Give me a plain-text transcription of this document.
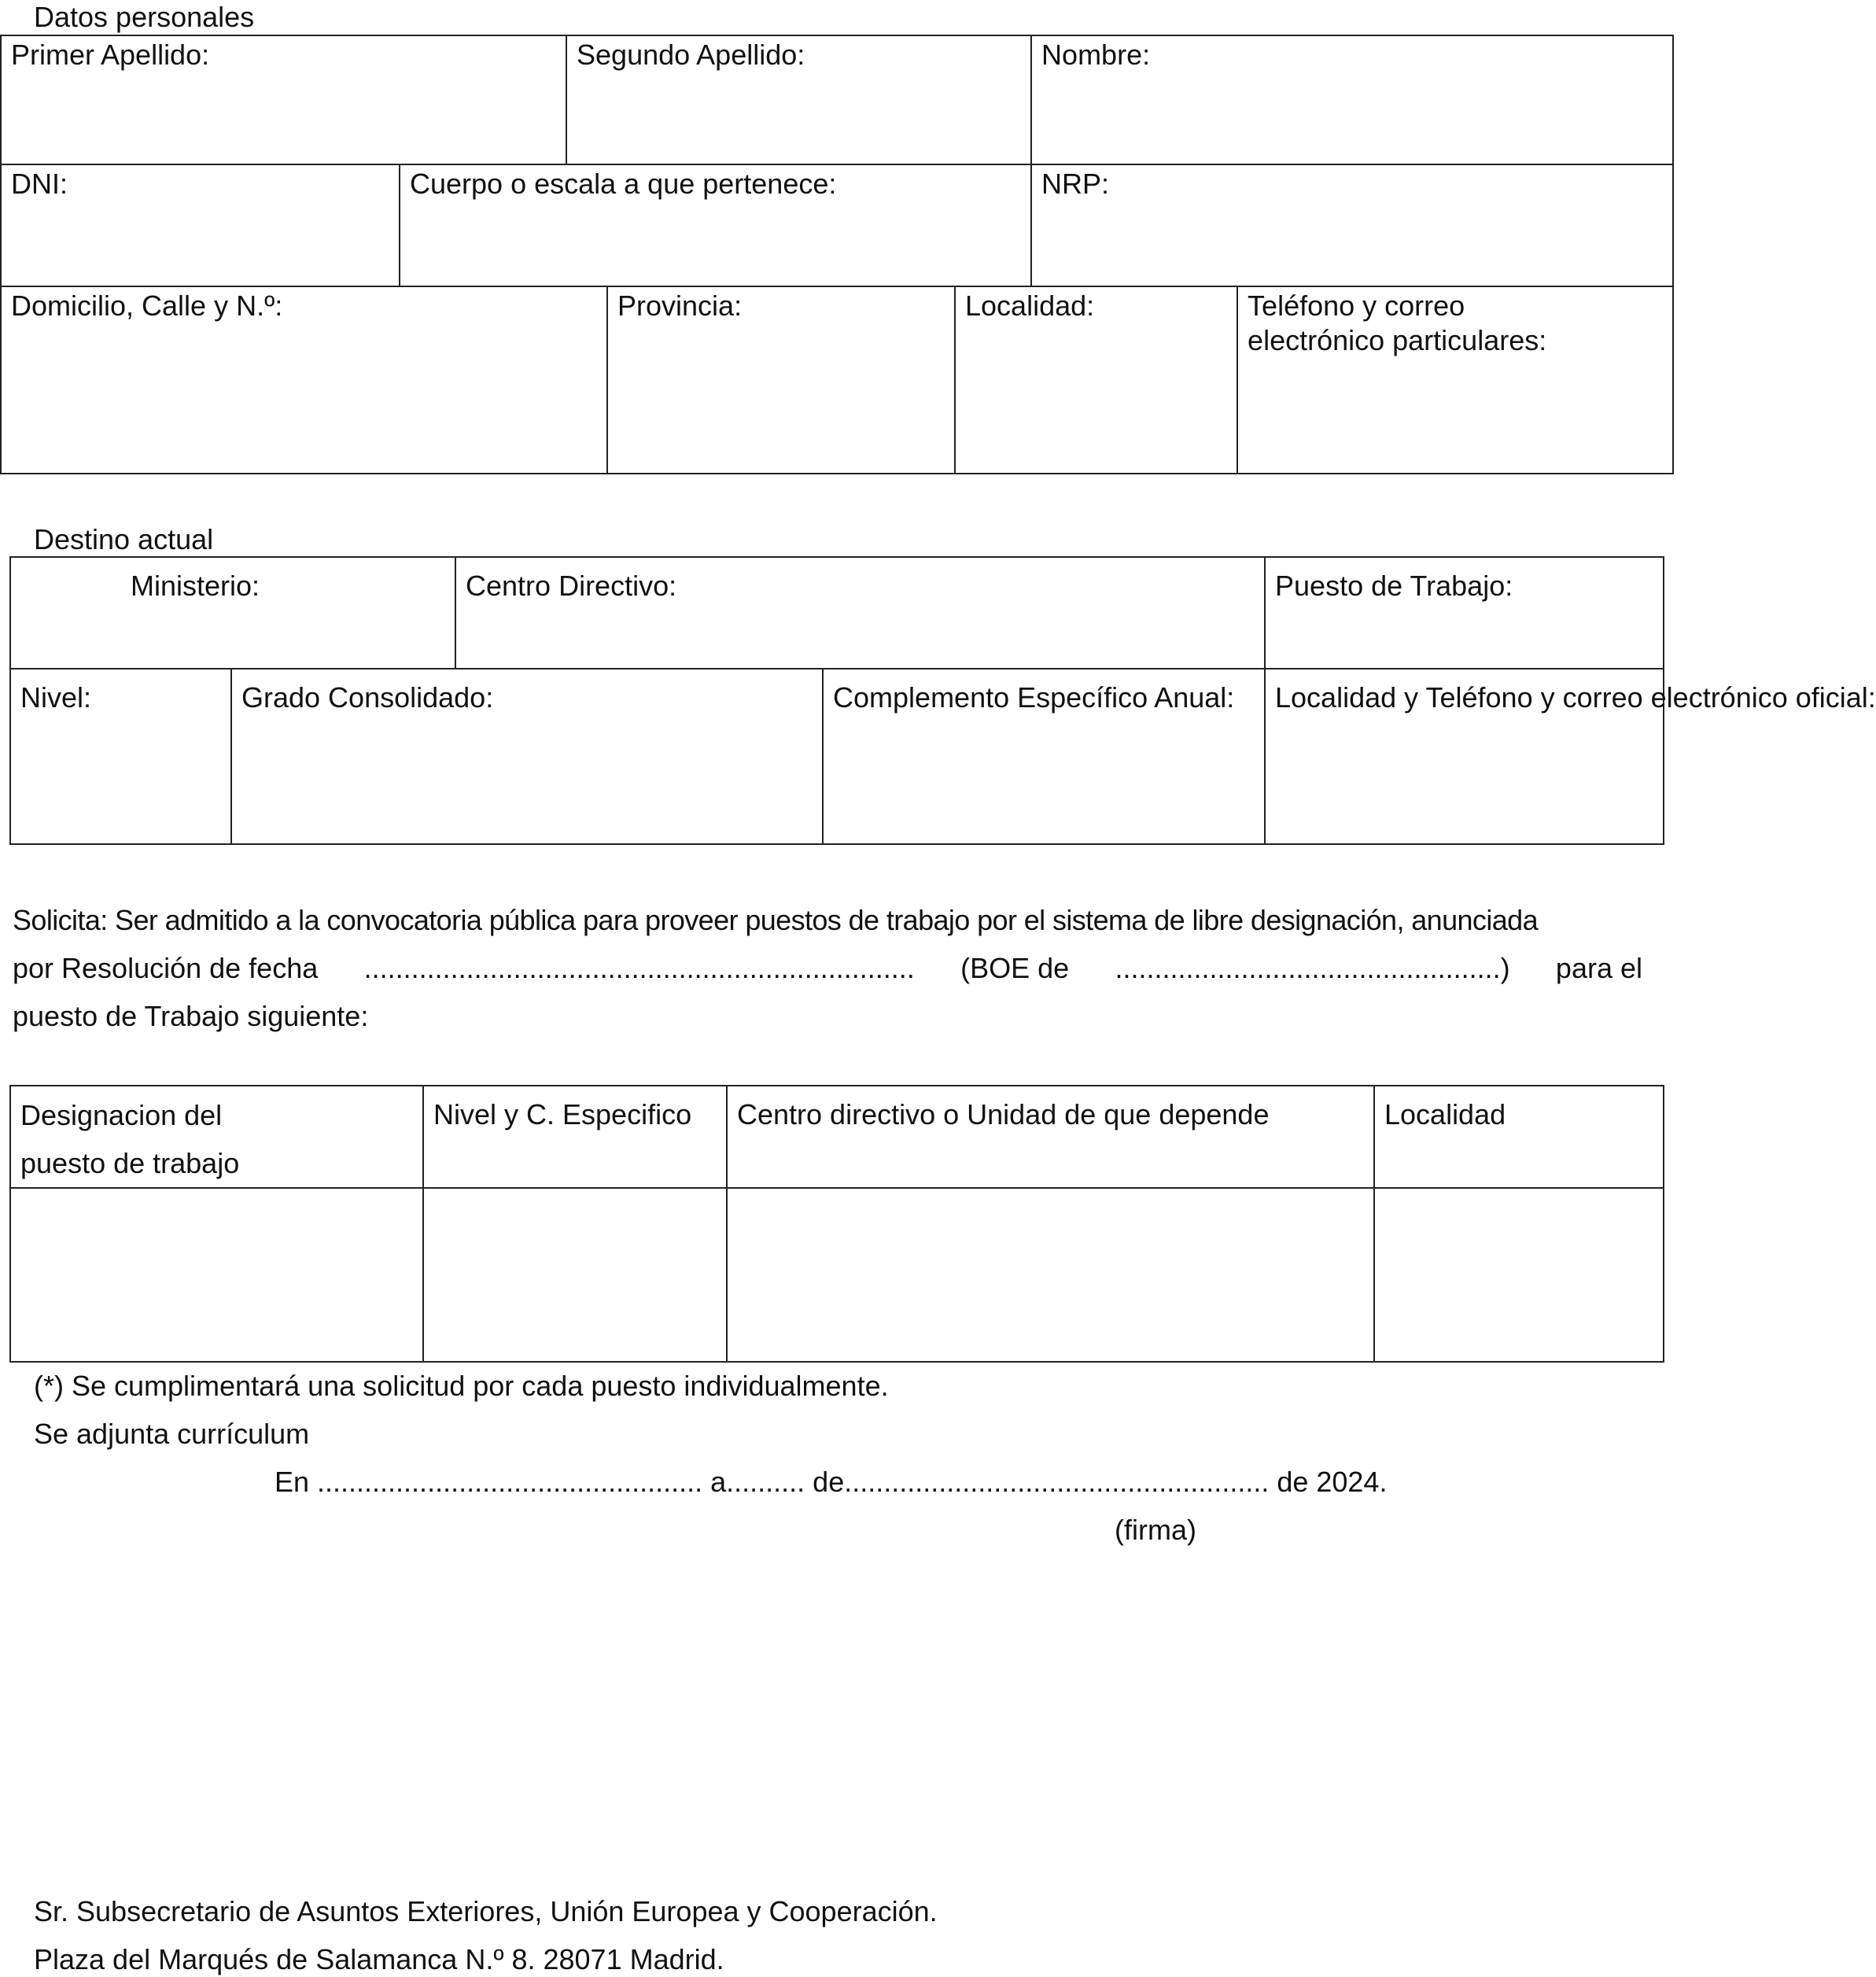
Datos personales
Primer Apellido:		Segundo Apellido:			Nombre:	

DNI:	Cuerpo o escala a que pertenece:				NRP:	

Domicilio, Calle y N.º:			Provincia:	Localidad:		Teléfono y correo
electrónico particulares:
Destino actual
Ministerio:		Centro Directivo:		Puesto de Trabajo:

Nivel:	Grado Consolidado:		Complemento Específico Anual:	Localidad y Teléfono y correo electrónico oficial:
Solicita: Ser admitido a la convocatoria pública para proveer puestos de trabajo por el sistema de libre designación, anunciada
por Resolución de fecha ...................................................................... (BOE de .................................................) para el
puesto de Trabajo siguiente:
Designacion del
puesto de trabajo	Nivel y C. Especifico	Centro directivo o Unidad de que depende	Localidad

(*) Se cumplimentará una solicitud por cada puesto individualmente.
Se adjunta currículum
En ................................................. a.......... de...................................................... de 2024.
(firma)
Sr. Subsecretario de Asuntos Exteriores, Unión Europea y Cooperación.
Plaza del Marqués de Salamanca N.º 8. 28071 Madrid.
